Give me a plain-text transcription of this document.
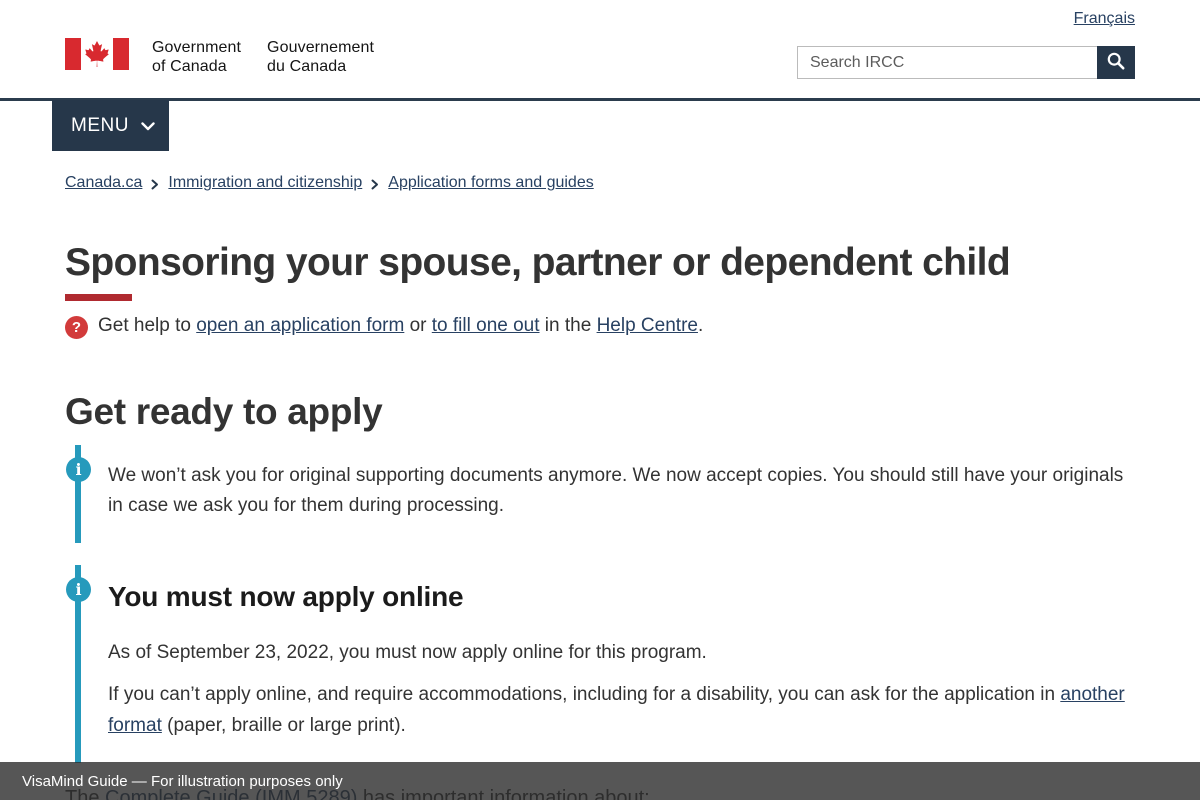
Français
Government
of Canada
Gouvernement
du Canada
Search IRCC
MENU
Canada.ca Immigration and citizenship Application forms and guides
Sponsoring your spouse, partner or dependent child
? Get help to open an application form or to fill one out in the Help Centre.
Get ready to apply
i	We won’t ask you for original supporting documents anymore. We now accept copies. You should still have your originals in case we ask you for them during processing.

i You must now apply online

As of September 23, 2022, you must now apply online for this program.

If you can’t apply online, and require accommodations, including for a disability, you can ask for the application in another format (paper, braille or large print).

VisaMind Guide — For illustration purposes only
